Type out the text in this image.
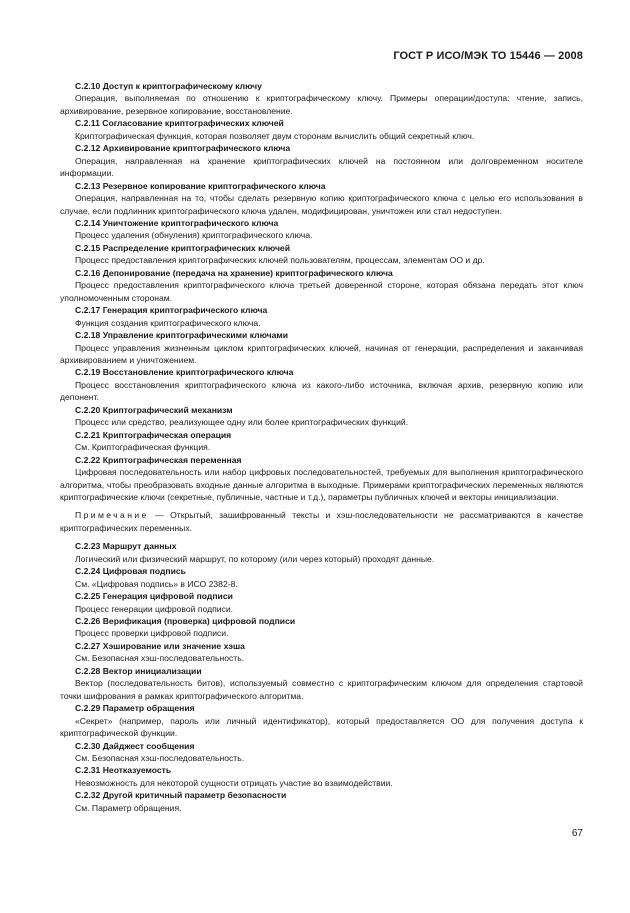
ГОСТ Р ИСО/МЭК ТО 15446 — 2008

С.2.10 Доступ к криптографическому ключу

Операция, выполняемая по отношению к криптографическому ключу. Примеры операции/доступа: чтение, запись, архивирование, резервное копирование, восстановление.

С.2.11 Согласование криптографических ключей

Криптографическая функция, которая позволяет двум сторонам вычислить общий секретный ключ.

С.2.12 Архивирование криптографического ключа

Операция, направленная на хранение криптографических ключей на постоянном или долговременном носителе информации.

С.2.13 Резервное копирование криптографического ключа

Операция, направленная на то, чтобы сделать резервную копию криптографического ключа с целью его использования в случае, если подлинник криптографического ключа удален, модифицирован, уничтожен или стал недоступен.

С.2.14 Уничтожение криптографического ключа

Процесс удаления (обнуления) криптографического ключа.

С.2.15 Распределение криптографических ключей

Процесс предоставления криптографических ключей пользователям, процессам, элементам ОО и др.

С.2.16 Депонирование (передача на хранение) криптографического ключа

Процесс предоставления криптографического ключа третьей доверенной стороне, которая обязана передать этот ключ уполномоченным сторонам.

С.2.17 Генерация криптографического ключа

Функция создания криптографического ключа.

С.2.18 Управление криптографическими ключами

Процесс управления жизненным циклом криптографических ключей, начиная от генерации, распределения и заканчивая архивированием и уничтожением.

С.2.19 Восстановление криптографического ключа

Процесс восстановления криптографического ключа из какого-либо источника, включая архив, резервную копию или депонент.

С.2.20 Криптографический механизм

Процесс или средство, реализующее одну или более криптографических функций.

С.2.21 Криптографическая операция

См. Криптографическая функция.

С.2.22 Криптографическая переменная

Цифровая последовательность или набор цифровых последовательностей, требуемых для выполнения криптографического алгоритма, чтобы преобразовать входные данные алгоритма в выходные. Примерами криптографических переменных являются криптографические ключи (секретные, публичные, частные и т.д.), параметры публичных ключей и векторы инициализации.

Примечание — Открытый, зашифрованный тексты и хэш-последовательности не рассматриваются в качестве криптографических переменных.

С.2.23 Маршрут данных

Логический или физический маршрут, по которому (или через который) проходят данные.

С.2.24 Цифровая подпись

См. «Цифровая подпись» в ИСО 2382-8.

С.2.25 Генерация цифровой подписи

Процесс генерации цифровой подписи.

С.2.26 Верификация (проверка) цифровой подписи

Процесс проверки цифровой подписи.

С.2.27 Хэширование или значение хэша

См. Безопасная хэш-последовательность.

С.2.28 Вектор инициализации

Вектор (последовательность битов), используемый совместно с криптографическим ключом для определения стартовой точки шифрования в рамках криптографического алгоритма.

С.2.29 Параметр обращения

«Секрет» (например, пароль или личный идентификатор), который предоставляется ОО для получения доступа к криптографической функции.

С.2.30 Дайджест сообщения

См. Безопасная хэш-последовательность.

С.2.31 Неотказуемость

Невозможность для некоторой сущности отрицать участие во взаимодействии.

С.2.32 Другой критичный параметр безопасности

См. Параметр обращения.

67
